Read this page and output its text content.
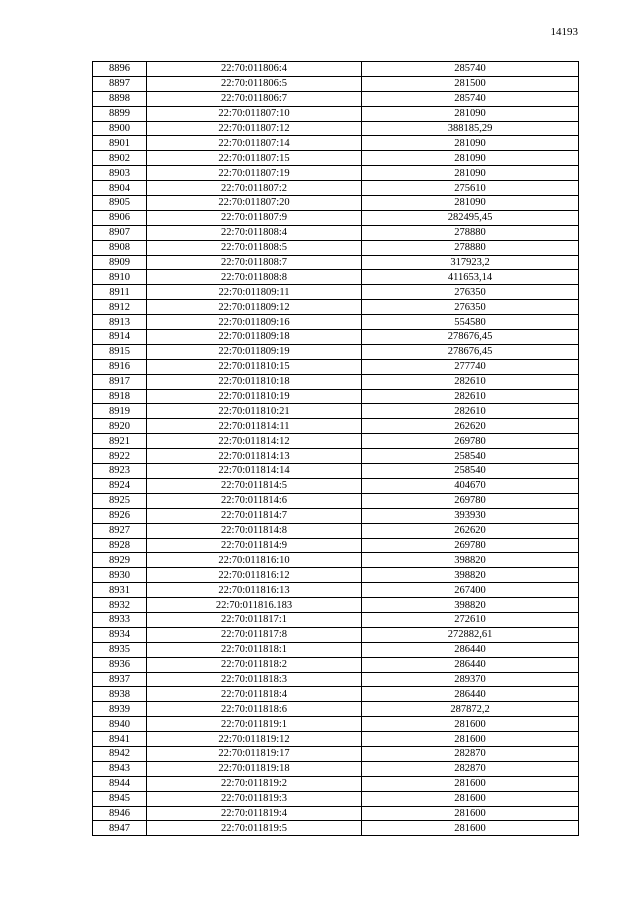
14193
8896	22:70:011806:4	285740
8897	22:70:011806:5	281500
8898	22:70:011806:7	285740
8899	22:70:011807:10	281090
8900	22:70:011807:12	388185,29
8901	22:70:011807:14	281090
8902	22:70:011807:15	281090
8903	22:70:011807:19	281090
8904	22:70:011807:2	275610
8905	22:70:011807:20	281090
8906	22:70:011807:9	282495,45
8907	22:70:011808:4	278880
8908	22:70:011808:5	278880
8909	22:70:011808:7	317923,2
8910	22:70:011808:8	411653,14
8911	22:70:011809:11	276350
8912	22:70:011809:12	276350
8913	22:70:011809:16	554580
8914	22:70:011809:18	278676,45
8915	22:70:011809:19	278676,45
8916	22:70:011810:15	277740
8917	22:70:011810:18	282610
8918	22:70:011810:19	282610
8919	22:70:011810:21	282610
8920	22:70:011814:11	262620
8921	22:70:011814:12	269780
8922	22:70:011814:13	258540
8923	22:70:011814:14	258540
8924	22:70:011814:5	404670
8925	22:70:011814:6	269780
8926	22:70:011814:7	393930
8927	22:70:011814:8	262620
8928	22:70:011814:9	269780
8929	22:70:011816:10	398820
8930	22:70:011816:12	398820
8931	22:70:011816:13	267400
8932	22:70:011816.183	398820
8933	22:70:011817:1	272610
8934	22:70:011817:8	272882,61
8935	22:70:011818:1	286440
8936	22:70:011818:2	286440
8937	22:70:011818:3	289370
8938	22:70:011818:4	286440
8939	22:70:011818:6	287872,2
8940	22:70:011819:1	281600
8941	22:70:011819:12	281600
8942	22:70:011819:17	282870
8943	22:70:011819:18	282870
8944	22:70:011819:2	281600
8945	22:70:011819:3	281600
8946	22:70:011819:4	281600
8947	22:70:011819:5	281600
